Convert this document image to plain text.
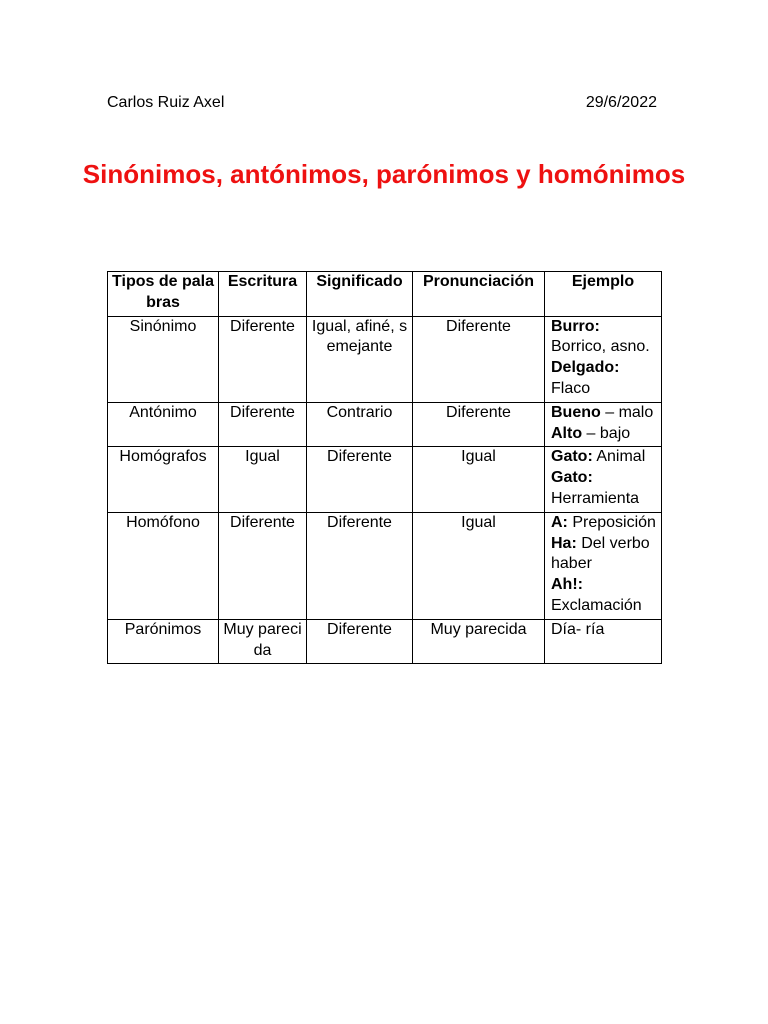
Carlos Ruiz Axel	29/6/2022
Sinónimos, antónimos, parónimos y homónimos
Tipos de palabras	Escritura	Significado	Pronunciación	Ejemplo
Sinónimo	Diferente	Igual, afiné, semejante	Diferente	Burro: Borrico, asno.
Delgado: Flaco

Antónimo	Diferente	Contrario	Diferente	Bueno – malo
Alto – bajo

Homógrafos	Igual	Diferente	Igual	Gato: Animal
Gato: Herramienta

Homófono	Diferente	Diferente	Igual	A: Preposición
Ha: Del verbo haber
Ah!: Exclamación

Parónimos	Muy parecida	Diferente	Muy parecida	Día- ría
